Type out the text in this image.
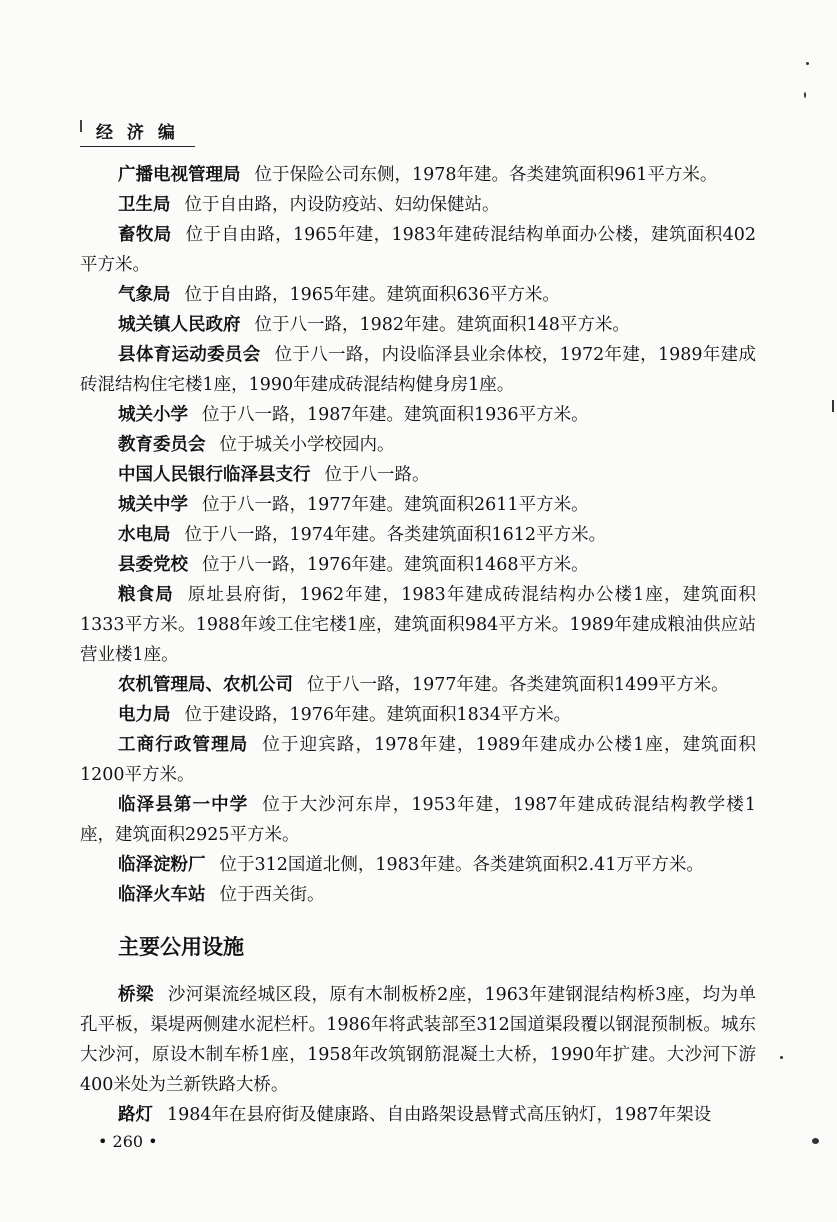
经 济 编

广播电视管理局 位于保险公司东侧，1978年建。各类建筑面积961平方米。

卫生局 位于自由路，内设防疫站、妇幼保健站。

畜牧局 位于自由路，1965年建，1983年建砖混结构单面办公楼，建筑面积402平方米。

气象局 位于自由路，1965年建。建筑面积636平方米。

城关镇人民政府 位于八一路，1982年建。建筑面积148平方米。

县体育运动委员会 位于八一路，内设临泽县业余体校，1972年建，1989年建成砖混结构住宅楼1座，1990年建成砖混结构健身房1座。

城关小学 位于八一路，1987年建。建筑面积1936平方米。

教育委员会 位于城关小学校园内。

中国人民银行临泽县支行 位于八一路。

城关中学 位于八一路，1977年建。建筑面积2611平方米。

水电局 位于八一路，1974年建。各类建筑面积1612平方米。

县委党校 位于八一路，1976年建。建筑面积1468平方米。

粮食局 原址县府街，1962年建，1983年建成砖混结构办公楼1座，建筑面积1333平方米。1988年竣工住宅楼1座，建筑面积984平方米。1989年建成粮油供应站营业楼1座。

农机管理局、农机公司 位于八一路，1977年建。各类建筑面积1499平方米。

电力局 位于建设路，1976年建。建筑面积1834平方米。

工商行政管理局 位于迎宾路，1978年建，1989年建成办公楼1座，建筑面积1200平方米。

临泽县第一中学 位于大沙河东岸，1953年建，1987年建成砖混结构教学楼1座，建筑面积2925平方米。

临泽淀粉厂 位于312国道北侧，1983年建。各类建筑面积2.41万平方米。

临泽火车站 位于西关街。

主要公用设施

桥梁 沙河渠流经城区段，原有木制板桥2座，1963年建钢混结构桥3座，均为单孔平板，渠堤两侧建水泥栏杆。1986年将武装部至312国道渠段覆以钢混预制板。城东大沙河，原设木制车桥1座，1958年改筑钢筋混凝土大桥，1990年扩建。大沙河下游400米处为兰新铁路大桥。

路灯 1984年在县府街及健康路、自由路架设悬臂式高压钠灯，1987年架设

• 260 •
